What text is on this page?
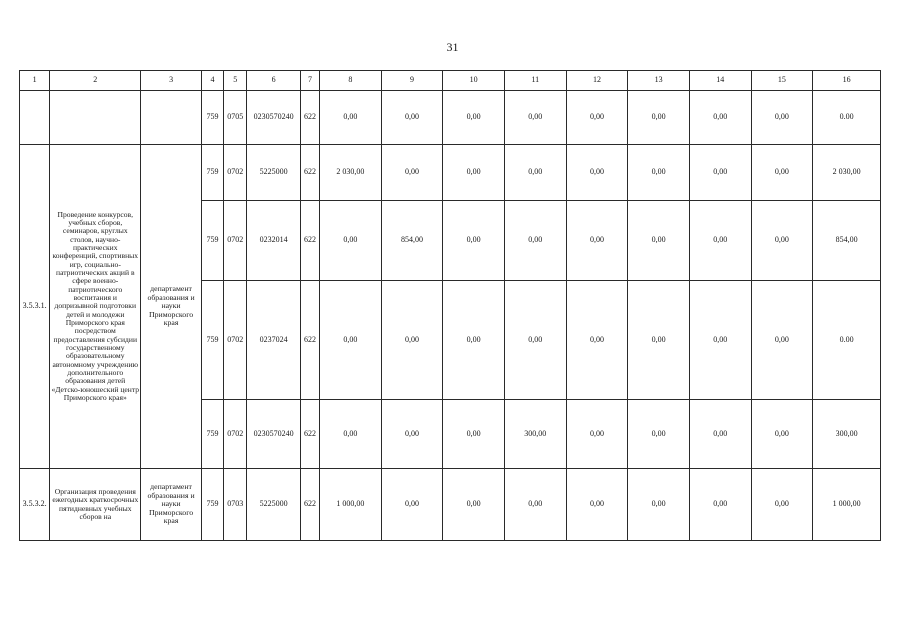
31
1	2	3	4	5	6	7	8	9	10	11	12	13	14	15	16
			759	0705	0230570240	622	0,00	0,00	0,00	0,00	0,00	0,00	0,00	0,00	0.00
3.5.3.1.	Проведение конкурсов, учебных сборов, семинаров, круглых столов, научно-практических конференций, спортивных игр, социально-патриотических акций в сфере военно-патриотического воспитания и допризывной подготовки детей и молодежи Приморского края посредством предоставления субсидии государственному образовательному автономному учреждению дополнительного образования детей «Детско-юношеский центр Приморского края»	департамент образования и науки Приморского края	759	0702	5225000	622	2 030,00	0,00	0,00	0,00	0,00	0,00	0,00	0,00	2 030,00
			759	0702	0232014	622	0,00	854,00	0,00	0,00	0,00	0,00	0,00	0,00	854,00
			759	0702	0237024	622	0,00	0,00	0,00	0,00	0,00	0,00	0,00	0,00	0.00
			759	0702	0230570240	622	0,00	0,00	0,00	300,00	0,00	0,00	0,00	0,00	300,00
3.5.3.2.	Организация проведения ежегодных краткосрочных пятидневных учебных сборов на	департамент образования и науки Приморского края	759	0703	5225000	622	1 000,00	0,00	0,00	0,00	0,00	0,00	0,00	0,00	1 000,00
